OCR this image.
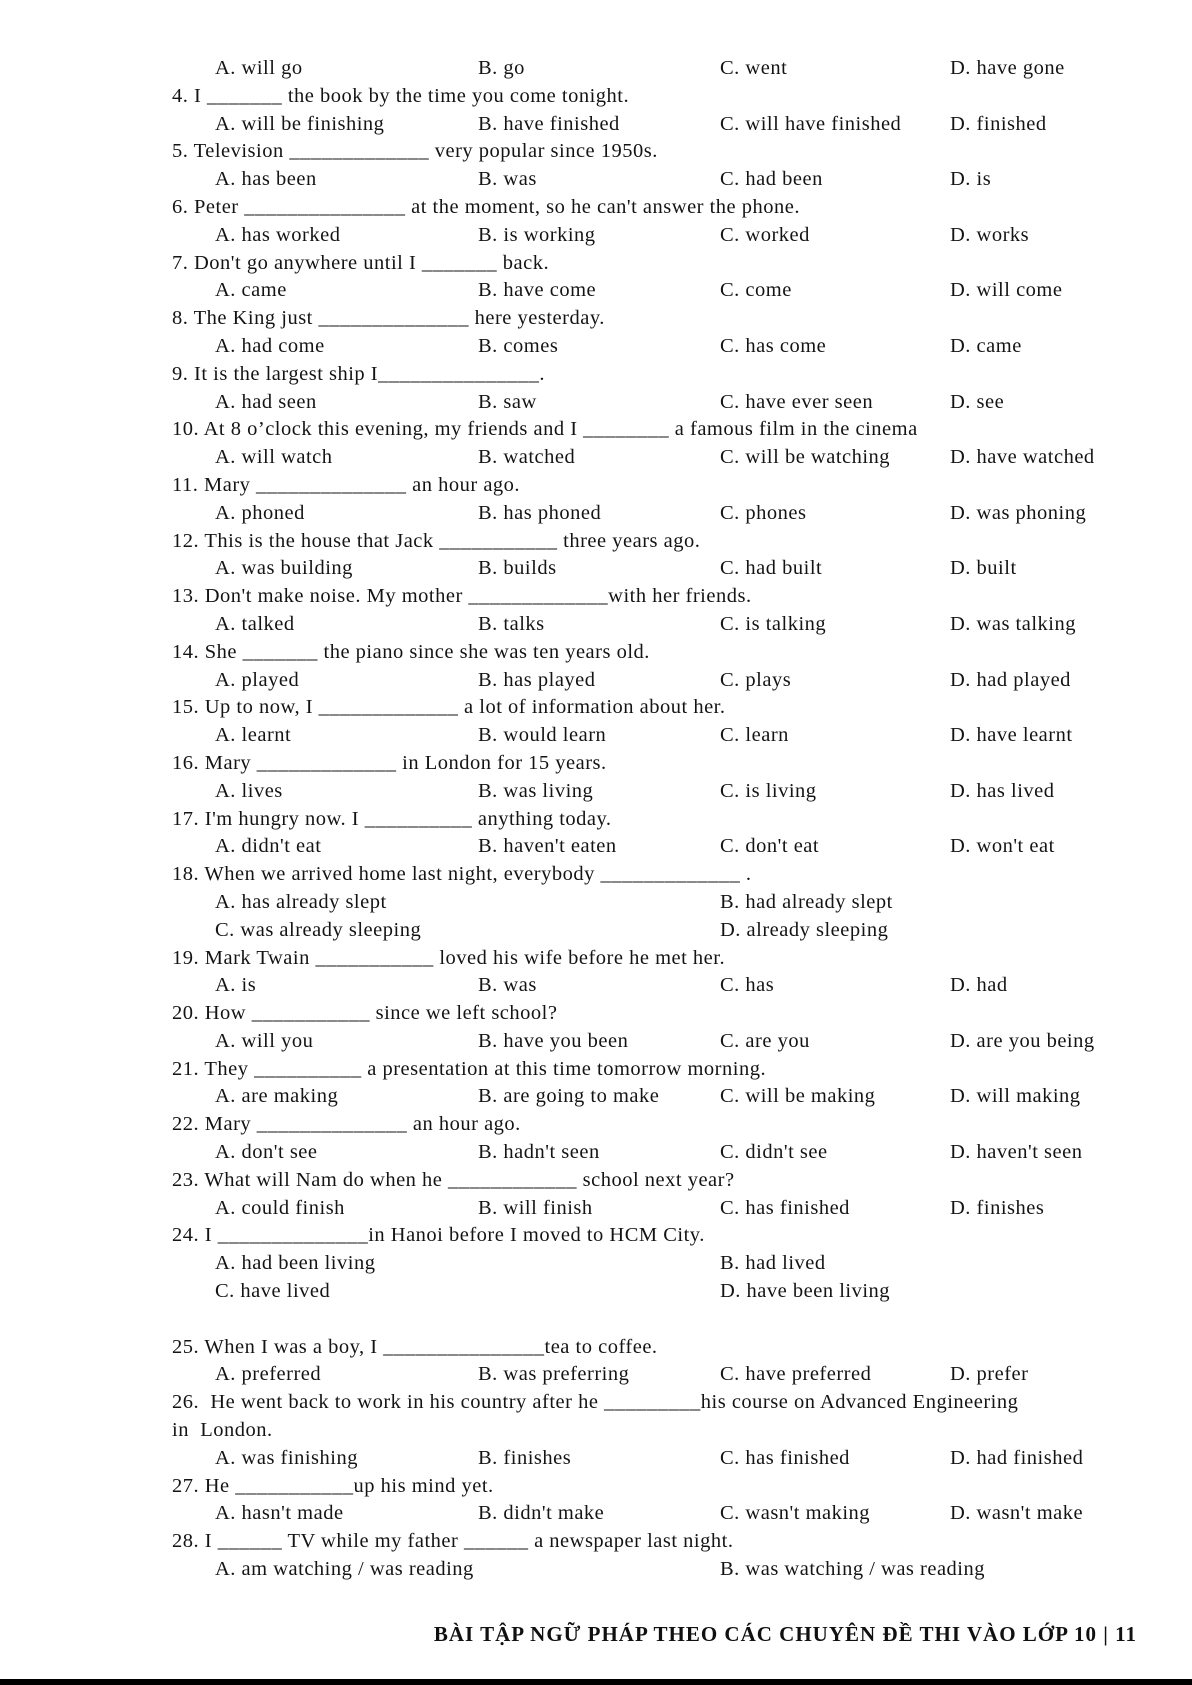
A. will go	B. go	C. went	D. have gone
4. I _______ the book by the time you come tonight.
A. will be finishing	B. have finished	C. will have finished D. finished
5. Television _____________ very popular since 1950s.
A. has been	B. was	C. had been	D. is
6. Peter _______________ at the moment, so he can't answer the phone.
A. has worked	B. is working	C. worked	D. works
7. Don't go anywhere until I _______ back.
A. came	B. have come	C. come	D. will come
8. The King just ______________ here yesterday.
A. had come	B. comes	C. has come	D. came
9. It is the largest ship I_______________.
A. had seen	B. saw	C. have ever seen	D. see
10. At 8 o’clock this evening, my friends and I ________ a famous film in the cinema
A. will watch	B. watched	C. will be watching	D. have watched
11. Mary ______________ an hour ago.
A. phoned	B. has phoned	C. phones	D. was phoning
12. This is the house that Jack ___________ three years ago.
A. was building	B. builds	C. had built	D. built
13. Don't make noise. My mother _____________with her friends.
A. talked	B. talks	C. is talking	D. was talking
14. She _______ the piano since she was ten years old.
A. played	B. has played	C. plays	D. had played
15. Up to now, I _____________ a lot of information about her.
A. learnt	B. would learn	C. learn	D. have learnt
16. Mary _____________ in London for 15 years.
A. lives	B. was living	C. is living	D. has lived
17. I'm hungry now. I __________ anything today.
A. didn't eat	B. haven't eaten	C. don't eat	D. won't eat
18. When we arrived home last night, everybody _____________ .
A. has already slept	B. had already slept
C. was already sleeping	D. already sleeping
19. Mark Twain ___________ loved his wife before he met her.
A. is	B. was	C. has	D. had
20. How ___________ since we left school?
A. will you	B. have you been	C. are you	D. are you being
21. They __________ a presentation at this time tomorrow morning.
A. are making	B. are going to make	C. will be making	D. will making
22. Mary ______________ an hour ago.
A. don't see	B. hadn't seen	C. didn't see	D. haven't seen
23. What will Nam do when he ____________ school next year?
A. could finish	B. will finish	C. has finished	D. finishes
24. I ______________in Hanoi before I moved to HCM City.
A. had been living	B. had lived
C. have lived	D. have been living
25. When I was a boy, I _______________tea to coffee.
A. preferred	B. was preferring	C. have preferred	D. prefer
26.  He went back to work in his country after he _________his course on Advanced Engineering
in  London.
A. was finishing	B. finishes	C. has finished	D. had finished
27. He ___________up his mind yet.
A. hasn't made	B. didn't make	C. wasn't making	D. wasn't make
28. I ______ TV while my father ______ a newspaper last night.
A. am watching / was reading	B. was watching / was reading

BÀI TẬP NGỮ PHÁP THEO CÁC CHUYÊN ĐỀ THI VÀO LỚP 10 | 11
